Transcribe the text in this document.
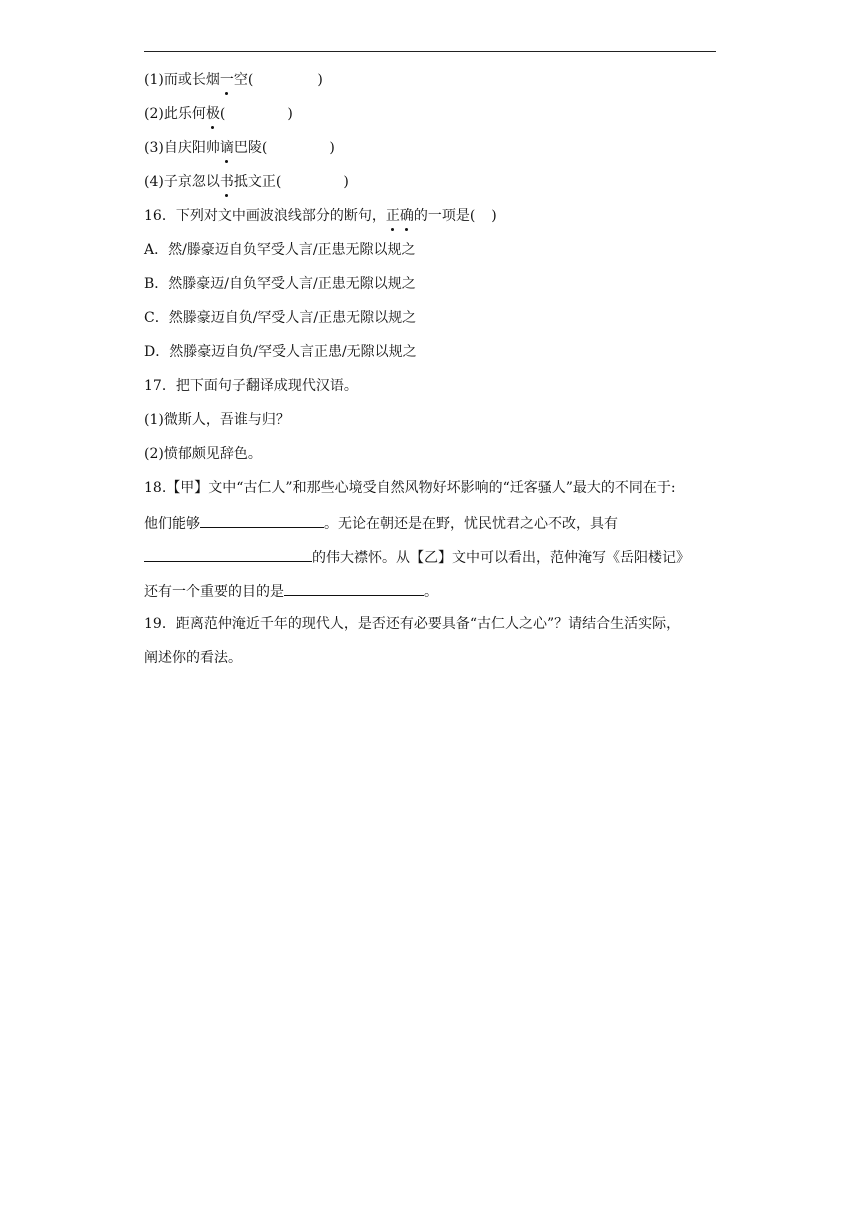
(1)而或长烟一空(	)
(2)此乐何极(	)
(3)自庆阳帅谪巴陵(	)
(4)子京忽以书抵文正(	)
16．下列对文中画波浪线部分的断句，正确的一项是( )
A．然/滕豪迈自负罕受人言/正患无隙以规之
B．然滕豪迈/自负罕受人言/正患无隙以规之
C．然滕豪迈自负/罕受人言/正患无隙以规之
D．然滕豪迈自负/罕受人言正患/无隙以规之
17．把下面句子翻译成现代汉语。
(1)微斯人，吾谁与归？
(2)愤郁颇见辞色。
18.【甲】文中“古仁人”和那些心境受自然风物好坏影响的“迁客骚人”最大的不同在于:
他们能够	。无论在朝还是在野，忧民忧君之心不改，具有
的伟大襟怀。从【乙】文中可以看出，范仲淹写《岳阳楼记》
还有一个重要的目的是	。
19．距离范仲淹近千年的现代人，是否还有必要具备“古仁人之心”？请结合生活实际，
阐述你的看法。
